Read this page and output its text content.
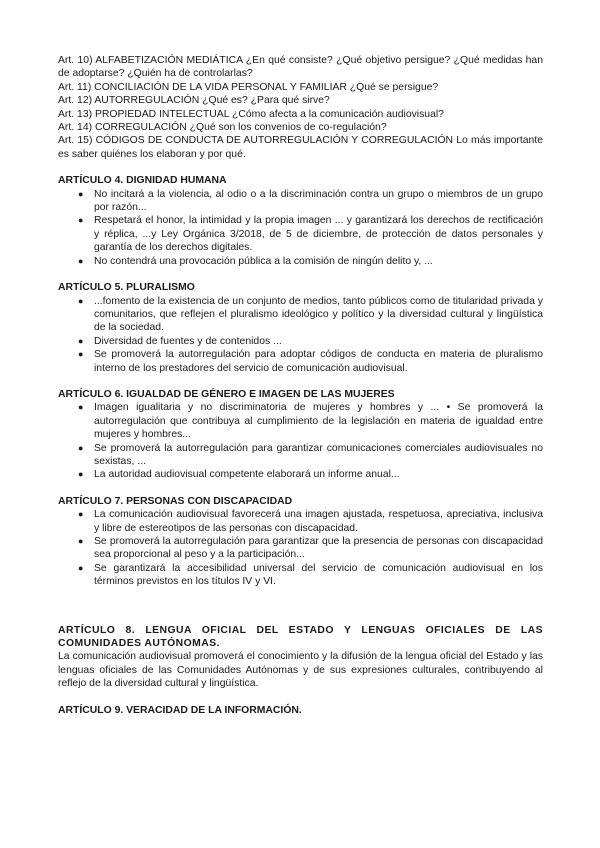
Art. 10) ALFABETIZACIÓN MEDIÁTICA ¿En qué consiste? ¿Qué objetivo persigue? ¿Qué medidas han de adoptarse? ¿Quién ha de controlarlas?

Art. 11) CONCILIACIÓN DE LA VIDA PERSONAL Y FAMILIAR ¿Qué se persigue?

Art. 12) AUTORREGULACIÓN ¿Qué es? ¿Para qué sirve?

Art. 13) PROPIEDAD INTELECTUAL ¿Cómo afecta a la comunicación audiovisual?

Art. 14) CORREGULACIÓN ¿Qué son los convenios de co-regulación?

Art. 15) CÓDIGOS DE CONDUCTA DE AUTORREGULACIÓN Y CORREGULACIÓN Lo más importante es saber quiénes los elaboran y por qué.

ARTÍCULO 4. DIGNIDAD HUMANA
● No incitará a la violencia, al odio o a la discriminación contra un grupo o miembros de un grupo por razón...
● Respetará el honor, la intimidad y la propia imagen ... y garantizará los derechos de rectificación y réplica, ...y Ley Orgánica 3/2018, de 5 de diciembre, de protección de datos personales y garantía de los derechos digitales.
● No contendrá una provocación pública a la comisión de ningún delito y, ...
ARTÍCULO 5. PLURALISMO
● ...fomento de la existencia de un conjunto de medios, tanto públicos como de titularidad privada y comunitarios, que reflejen el pluralismo ideológico y político y la diversidad cultural y lingüística de la sociedad.
● Diversidad de fuentes y de contenidos ...
● Se promoverá la autorregulación para adoptar códigos de conducta en materia de pluralismo interno de los prestadores del servicio de comunicación audiovisual.
ARTÍCULO 6. IGUALDAD DE GÉNERO E IMAGEN DE LAS MUJERES
● Imagen igualitaria y no discriminatoria de mujeres y hombres y ... • Se promoverá la autorregulación que contribuya al cumplimiento de la legislación en materia de igualdad entre mujeres y hombres...
● Se promoverá la autorregulación para garantizar comunicaciones comerciales audiovisuales no sexistas, ...
● La autoridad audiovisual competente elaborará un informe anual...
ARTÍCULO 7. PERSONAS CON DISCAPACIDAD
● La comunicación audiovisual favorecerá una imagen ajustada, respetuosa, apreciativa, inclusiva y libre de estereotipos de las personas con discapacidad.
● Se promoverá la autorregulación para garantizar que la presencia de personas con discapacidad sea proporcional al peso y a la participación...
● Se garantizará la accesibilidad universal del servicio de comunicación audiovisual en los términos previstos en los títulos IV y VI.
ARTÍCULO 8. LENGUA OFICIAL DEL ESTADO Y LENGUAS OFICIALES DE LAS COMUNIDADES AUTÓNOMAS.

La comunicación audiovisual promoverá el conocimiento y la difusión de la lengua oficial del Estado y las lenguas oficiales de las Comunidades Autónomas y de sus expresiones culturales, contribuyendo al reflejo de la diversidad cultural y lingüística.

ARTÍCULO 9. VERACIDAD DE LA INFORMACIÓN.
